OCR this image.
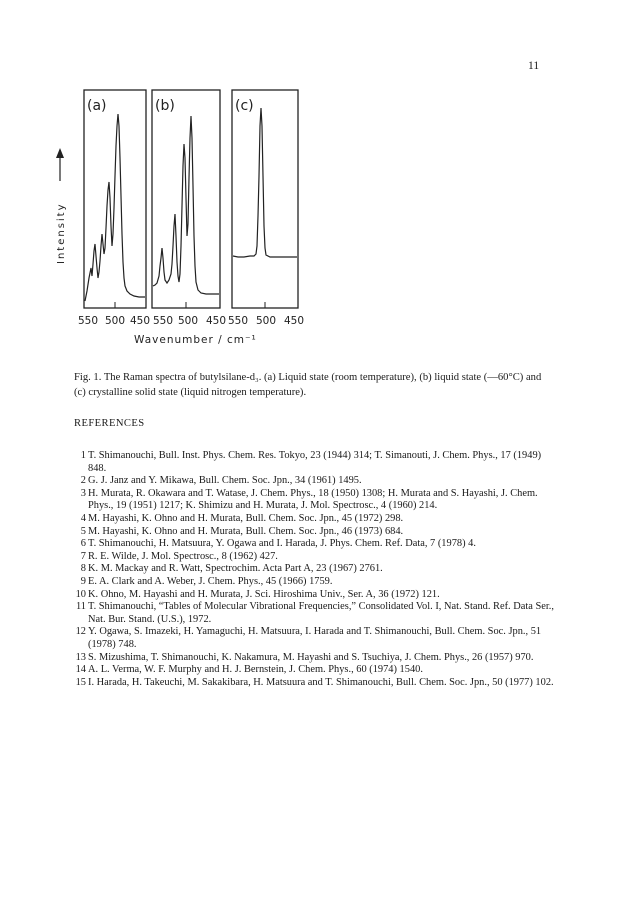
11
Intensity
(a)	(b)	(c)
550 500 450 550 500 450 550 500 450
Wavenumber / cm⁻¹
Fig. 1. The Raman spectra of butylsilane-d₃. (a) Liquid state (room temperature), (b) liquid state (—60°C) and (c) crystalline solid state (liquid nitrogen temperature).
REFERENCES
1 T. Shimanouchi, Bull. Inst. Phys. Chem. Res. Tokyo, 23 (1944) 314; T. Simanouti, J. Chem. Phys., 17 (1949) 848.
2 G. J. Janz and Y. Mikawa, Bull. Chem. Soc. Jpn., 34 (1961) 1495.
3 H. Murata, R. Okawara and T. Watase, J. Chem. Phys., 18 (1950) 1308; H. Murata and S. Hayashi, J. Chem. Phys., 19 (1951) 1217; K. Shimizu and H. Murata, J. Mol. Spectrosc., 4 (1960) 214.
4 M. Hayashi, K. Ohno and H. Murata, Bull. Chem. Soc. Jpn., 45 (1972) 298.
5 M. Hayashi, K. Ohno and H. Murata, Bull. Chem. Soc. Jpn., 46 (1973) 684.
6 T. Shimanouchi, H. Matsuura, Y. Ogawa and I. Harada, J. Phys. Chem. Ref. Data, 7 (1978) 4.
7 R. E. Wilde, J. Mol. Spectrosc., 8 (1962) 427.
8 K. M. Mackay and R. Watt, Spectrochim. Acta Part A, 23 (1967) 2761.
9 E. A. Clark and A. Weber, J. Chem. Phys., 45 (1966) 1759.
10 K. Ohno, M. Hayashi and H. Murata, J. Sci. Hiroshima Univ., Ser. A, 36 (1972) 121.
11 T. Shimanouchi, “Tables of Molecular Vibrational Frequencies,” Consolidated Vol. I, Nat. Stand. Ref. Data Ser., Nat. Bur. Stand. (U.S.), 1972.
12 Y. Ogawa, S. Imazeki, H. Yamaguchi, H. Matsuura, I. Harada and T. Shimanouchi, Bull. Chem. Soc. Jpn., 51 (1978) 748.
13 S. Mizushima, T. Shimanouchi, K. Nakamura, M. Hayashi and S. Tsuchiya, J. Chem. Phys., 26 (1957) 970.
14 A. L. Verma, W. F. Murphy and H. J. Bernstein, J. Chem. Phys., 60 (1974) 1540.
15 I. Harada, H. Takeuchi, M. Sakakibara, H. Matsuura and T. Shimanouchi, Bull. Chem. Soc. Jpn., 50 (1977) 102.
